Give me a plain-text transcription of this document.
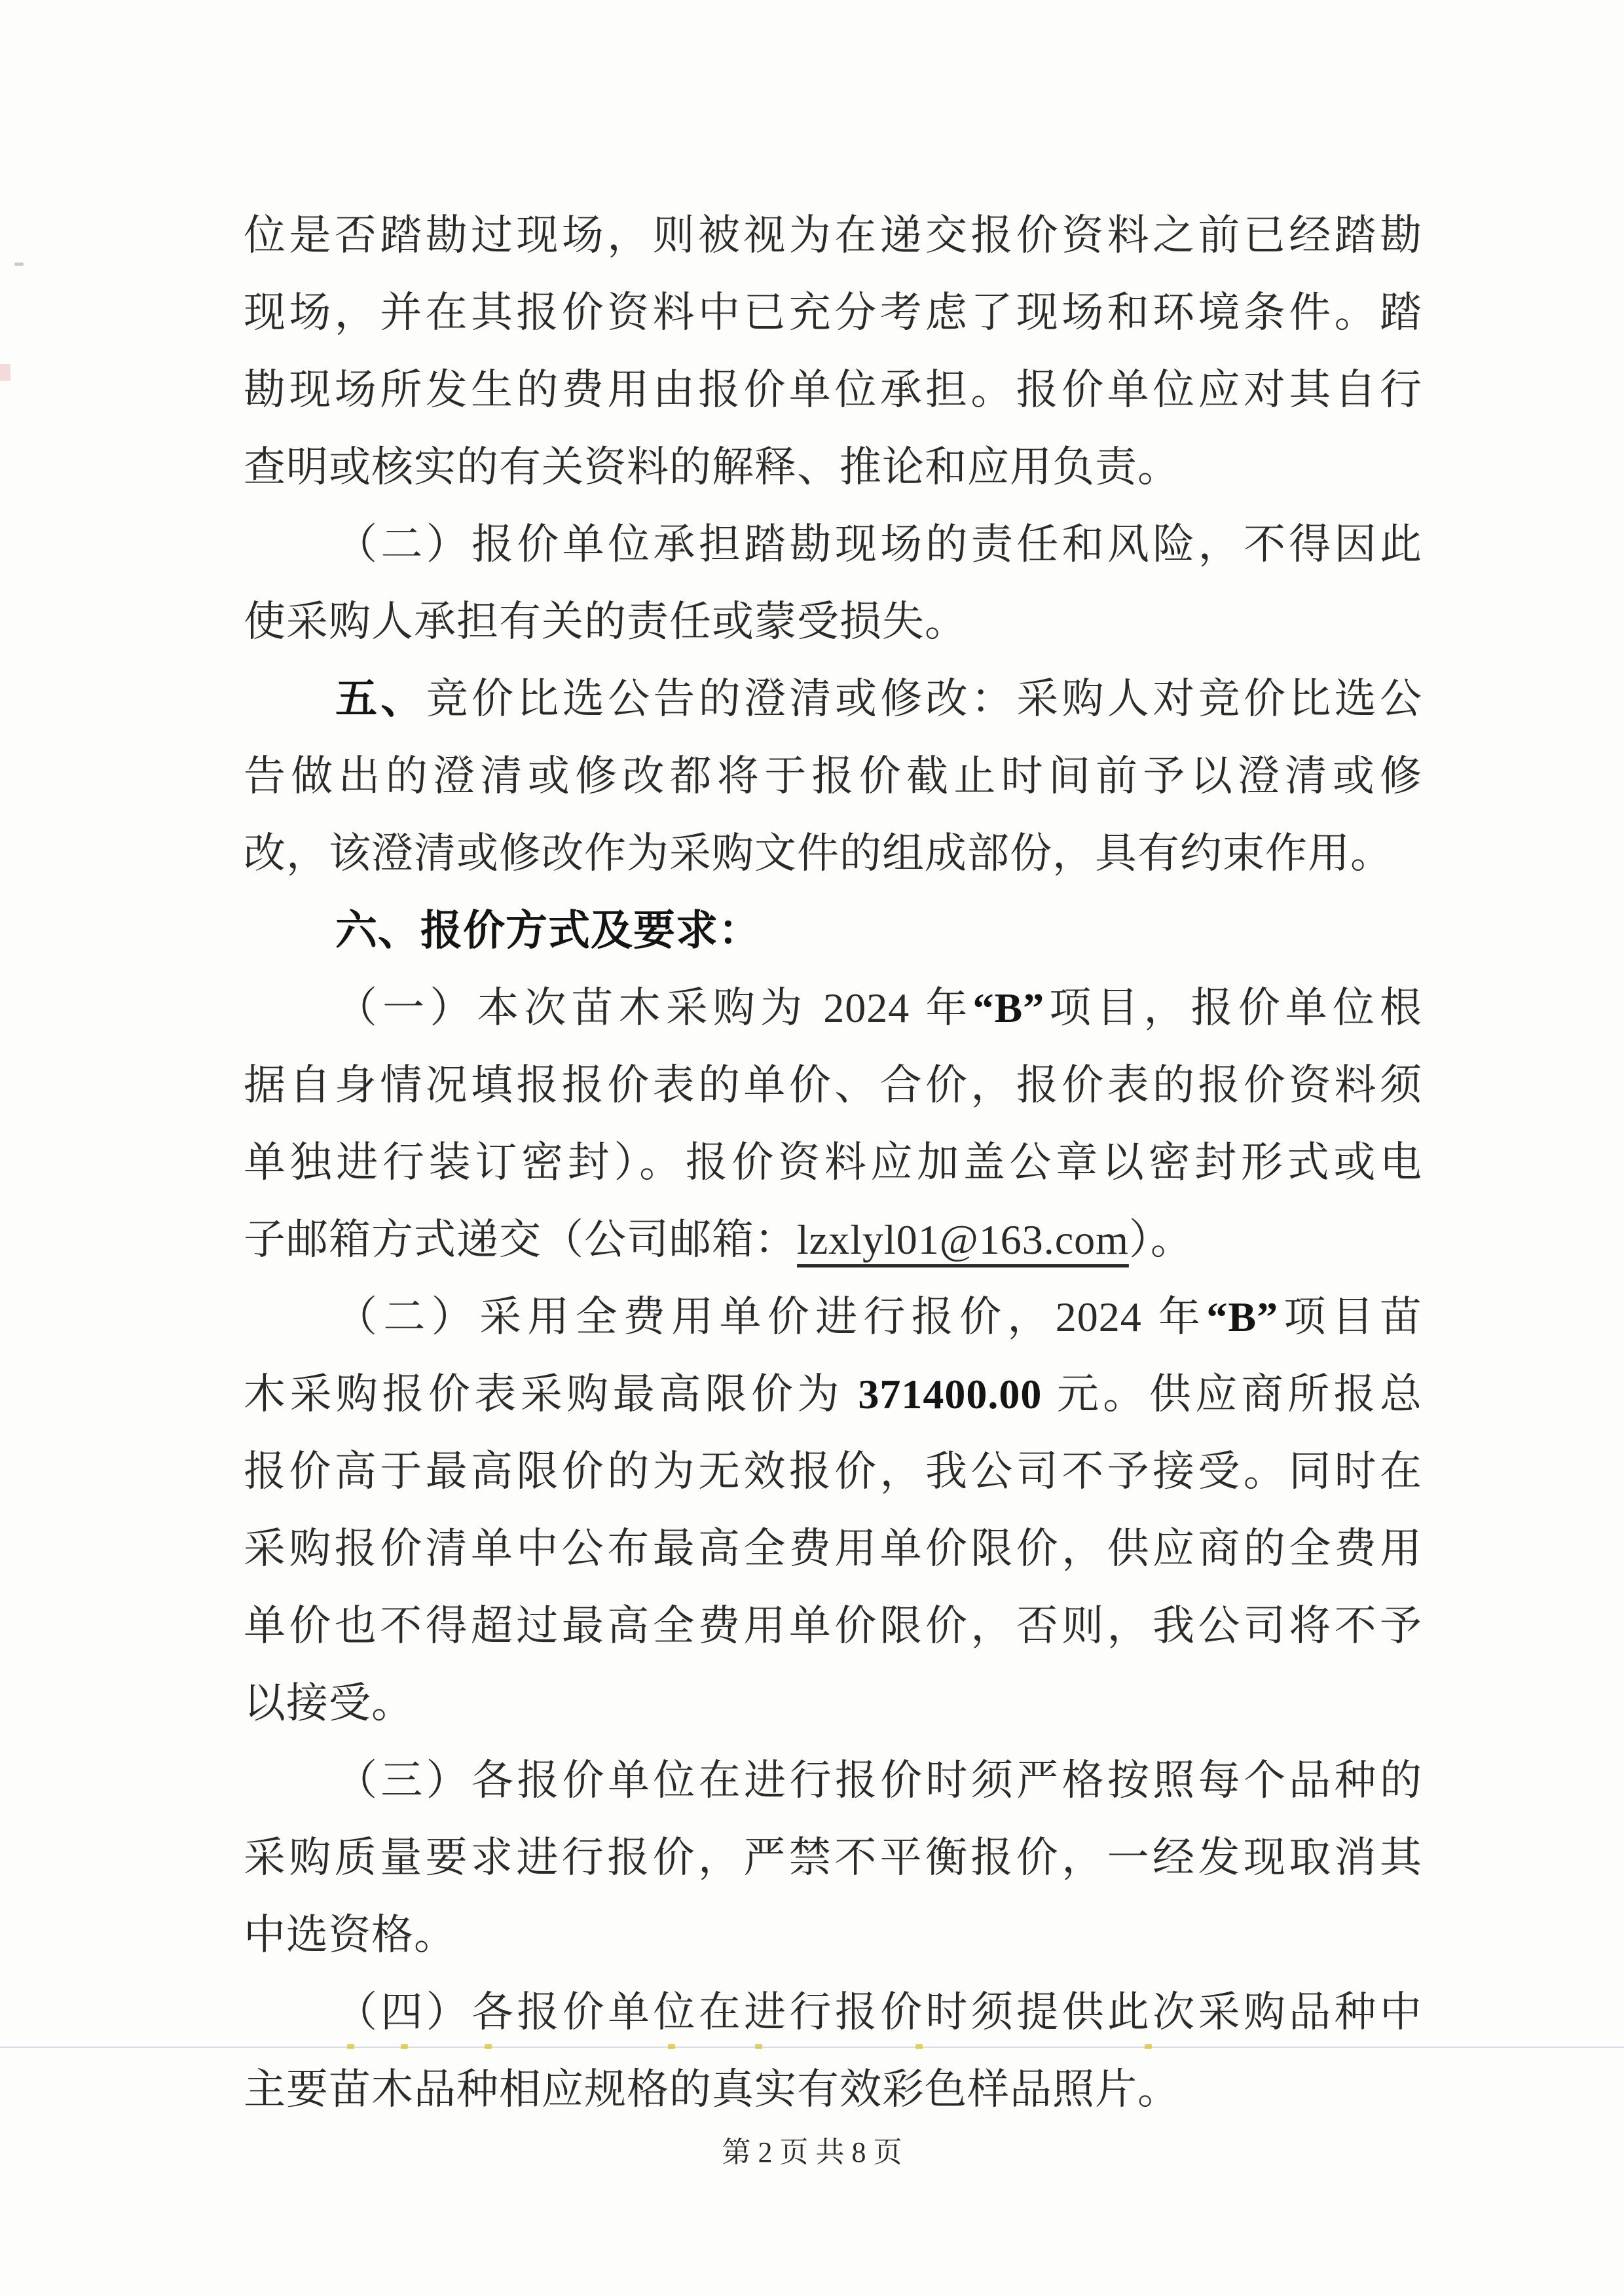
位是否踏勘过现场，则被视为在递交报价资料之前已经踏勘
现场，并在其报价资料中已充分考虑了现场和环境条件。踏
勘现场所发生的费用由报价单位承担。报价单位应对其自行
查明或核实的有关资料的解释、推论和应用负责。
（二）报价单位承担踏勘现场的责任和风险，不得因此
使采购人承担有关的责任或蒙受损失。
五、竞价比选公告的澄清或修改：采购人对竞价比选公
告做出的澄清或修改都将于报价截止时间前予以澄清或修
改，该澄清或修改作为采购文件的组成部份，具有约束作用。
六、报价方式及要求：
（一）本次苗木采购为 2024 年“B”项目，报价单位根
据自身情况填报报价表的单价、合价，报价表的报价资料须
单独进行装订密封）。报价资料应加盖公章以密封形式或电
子邮箱方式递交（公司邮箱：lzxlyl01@163.com）。
（二）采用全费用单价进行报价，2024 年“B”项目苗
木采购报价表采购最高限价为 371400.00 元。供应商所报总
报价高于最高限价的为无效报价，我公司不予接受。同时在
采购报价清单中公布最高全费用单价限价，供应商的全费用
单价也不得超过最高全费用单价限价，否则，我公司将不予
以接受。
（三）各报价单位在进行报价时须严格按照每个品种的
采购质量要求进行报价，严禁不平衡报价，一经发现取消其
中选资格。
（四）各报价单位在进行报价时须提供此次采购品种中
主要苗木品种相应规格的真实有效彩色样品照片。
第 2 页 共 8 页
